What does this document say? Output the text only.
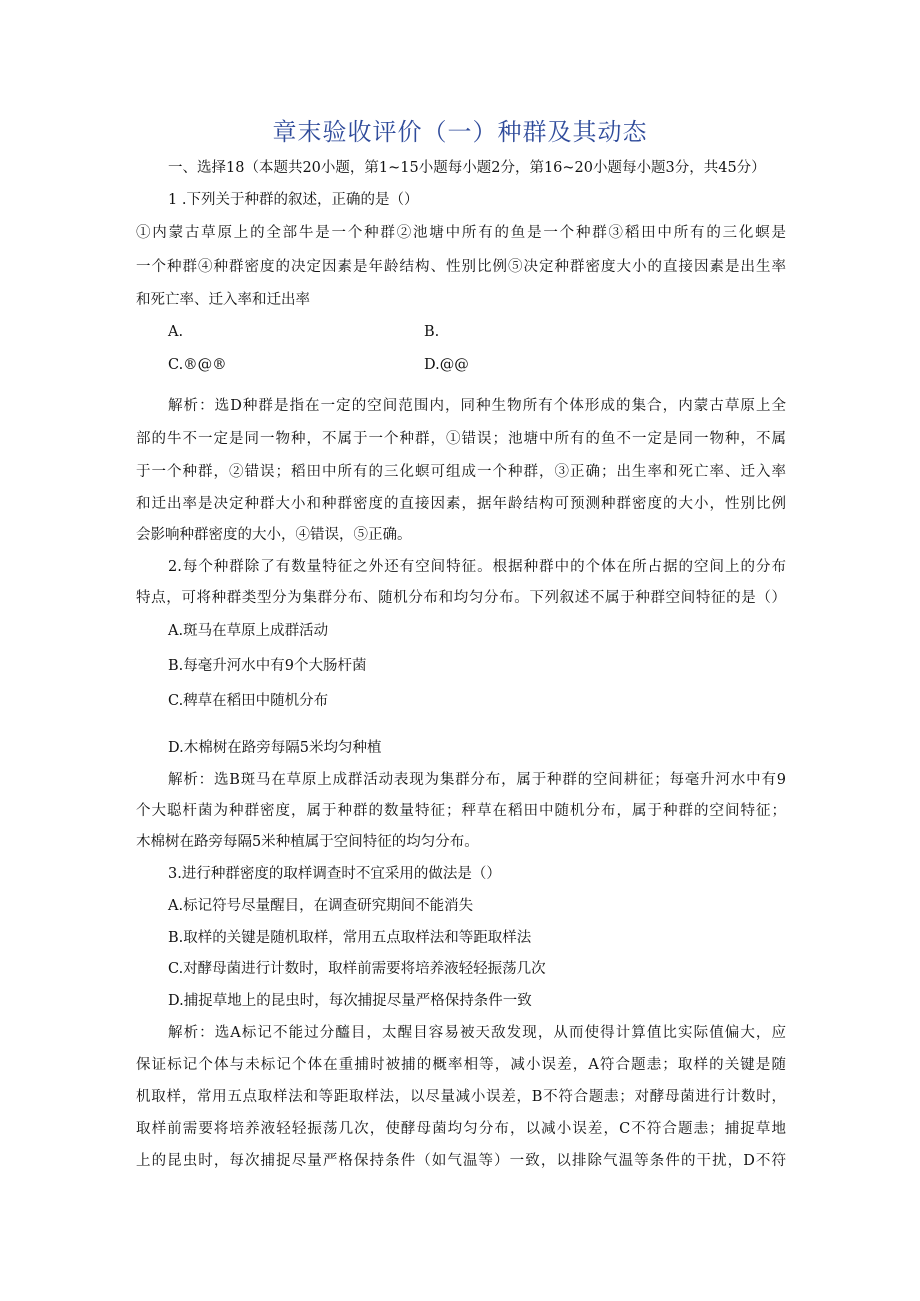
章末验收评价（一）种群及其动态
一、选择18（本题共20小题，第1~15小题每小题2分，第16~20小题每小题3分，共45分）
1 .下列关于种群的叙述，正确的是（）
①内蒙古草原上的全部牛是一个种群②池塘中所有的鱼是一个种群③稻田中所有的三化螟是
一个种群④种群密度的决定因素是年龄结构、性别比例⑤决定种群密度大小的直接因素是出生率
和死亡率、迁入率和迁出率
A.	B.
C.®@®	D.@@
解析：选D种群是指在一定的空间范围内，同种生物所有个体形成的集合，内蒙古草原上全
部的牛不一定是同一物种，不属于一个种群，①错误；池塘中所有的鱼不一定是同一物种，不属
于一个种群，②错误；稻田中所有的三化螟可组成一个种群，③正确；出生率和死亡率、迁入率
和迁出率是决定种群大小和种群密度的直接因素，据年龄结构可预测种群密度的大小，性别比例
会影响种群密度的大小，④错误，⑤正确。
2.每个种群除了有数量特征之外还有空间特征。根据种群中的个体在所占据的空间上的分布
特点，可将种群类型分为集群分布、随机分布和均匀分布。下列叙述不属于种群空间特征的是（）
A.斑马在草原上成群活动
B.每毫升河水中有9个大肠杆菌
C.稗草在稻田中随机分布
D.木棉树在路旁每隔5米均匀种植
解析：选B斑马在草原上成群活动表现为集群分布，属于种群的空间耕征；每毫升河水中有9
个大聪杆菌为种群密度，属于种群的数量特征；秤草在稻田中随机分布，属于种群的空间特征；
木棉树在路旁每隔5米种植属于空间特征的均匀分布。
3.进行种群密度的取样调查时不宜采用的做法是（）
A.标记符号尽量醒目，在调查研究期间不能消失
B.取样的关键是随机取样，常用五点取样法和等距取样法
C.对酵母菌进行计数时，取样前需要将培养液轻轻振荡几次
D.捕捉草地上的昆虫时，每次捕捉尽量严格保持条件一致
解析：选A标记不能过分醯目，太醒目容易被天敌发现，从而使得计算值比实际值偏大，应
保证标记个体与未标记个体在重捕时被捕的概率相等，减小误差，A符合题恚；取样的关键是随
机取样，常用五点取样法和等距取样法，以尽量减小误差，B不符合题恚；对酵母菌进行计数时，
取样前需要将培养液轻轻振荡几次，使酵母菌均匀分布，以减小误差，C不符合题恚；捕捉草地
上的昆虫时，每次捕捉尽量严格保持条件（如气温等）一致，以排除气温等条件的干扰，D不符
